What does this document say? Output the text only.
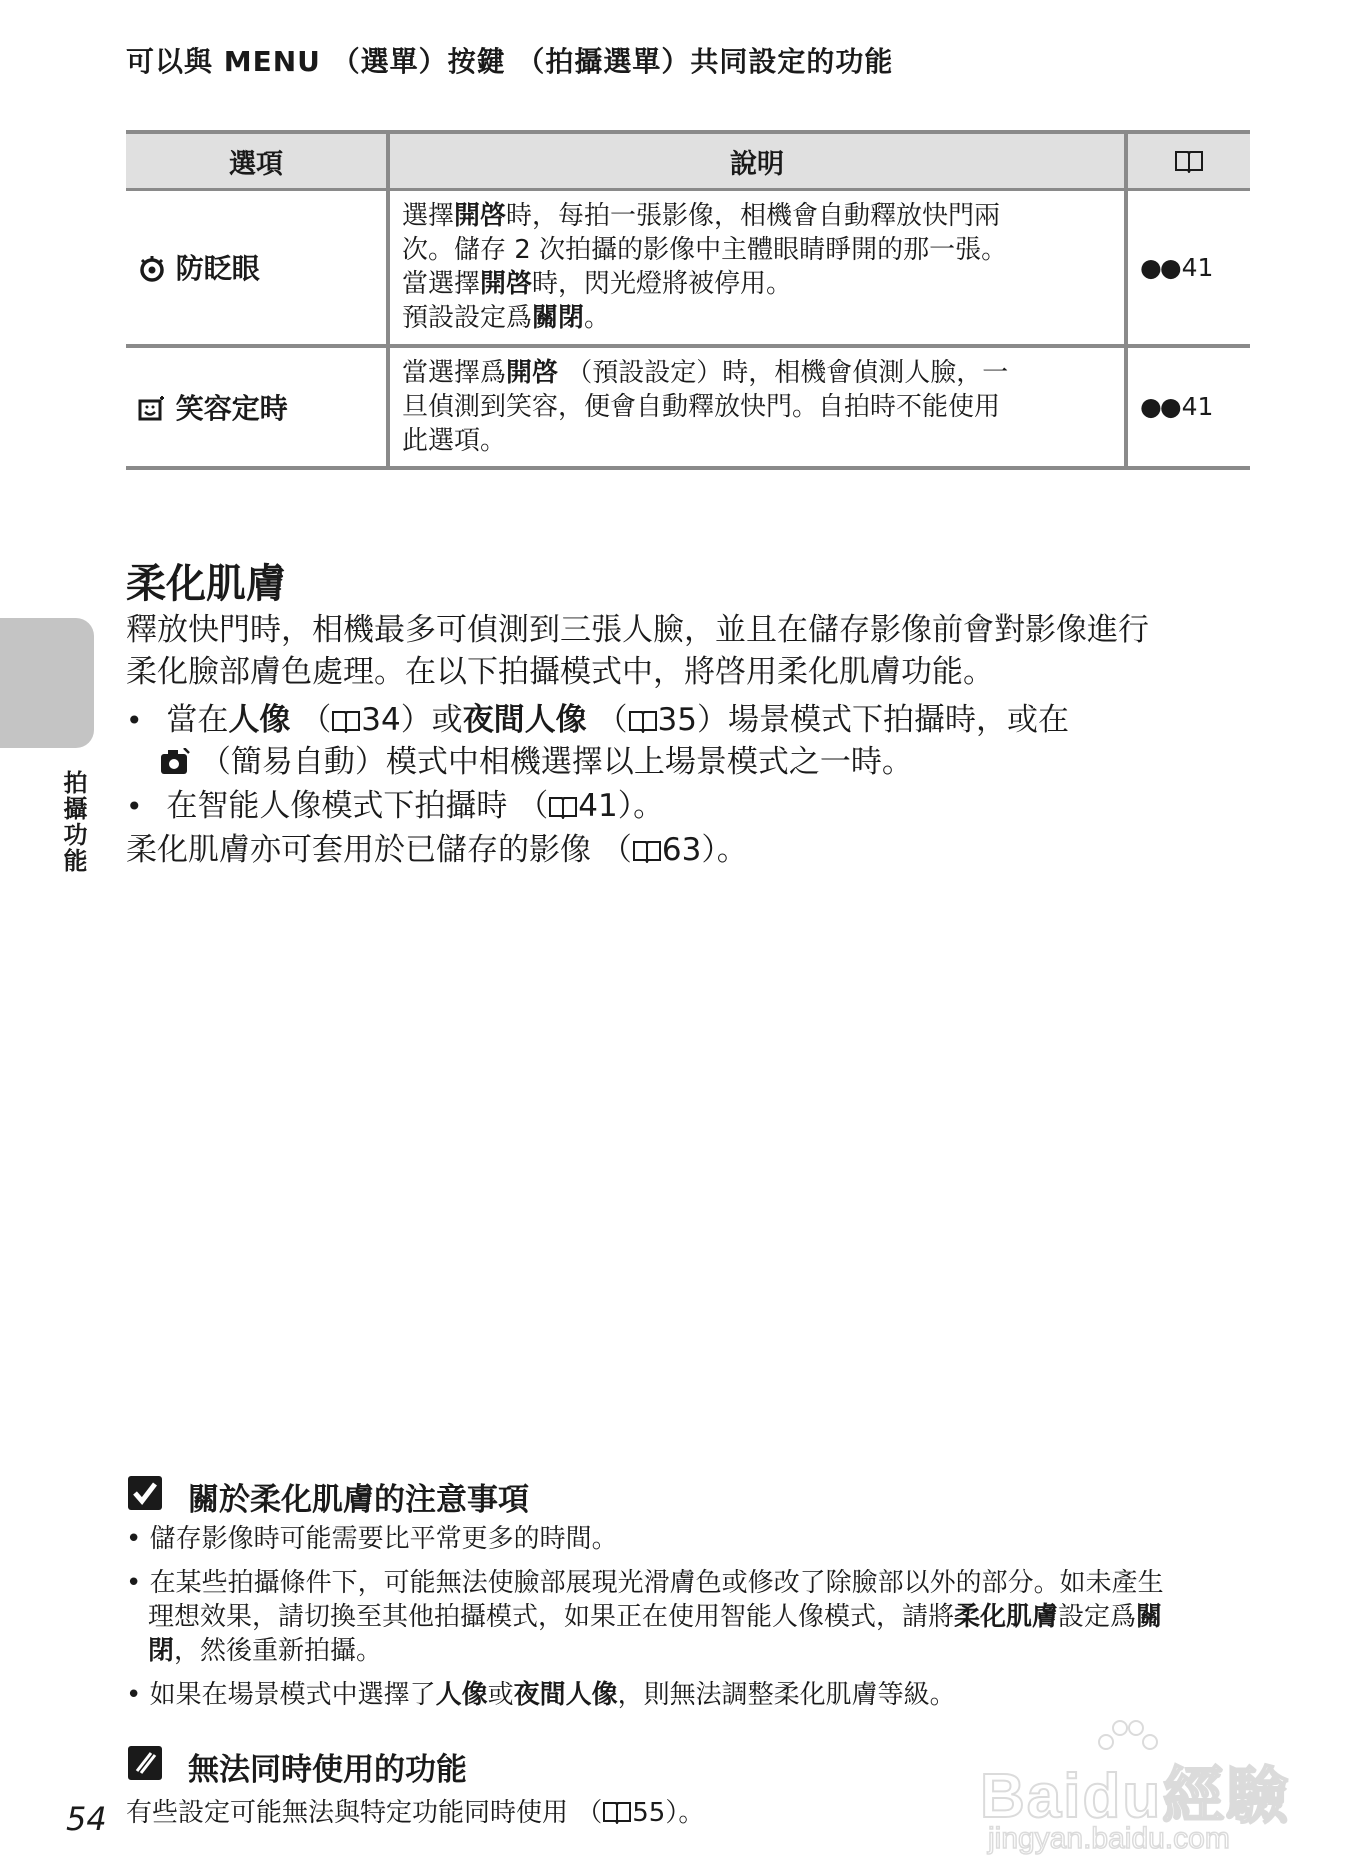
可以與 MENU （選單）按鍵 （拍攝選單）共同設定的功能
選項	說明	
防眨眼	選擇開啓時，每拍一張影像，相機會自動釋放快門兩
次。儲存 2 次拍攝的影像中主體眼睛睜開的那一張。
當選擇開啓時，閃光燈將被停用。
預設設定爲關閉。	●●41
笑容定時	當選擇爲開啓 （預設設定）時，相機會偵測人臉，一
旦偵測到笑容，便會自動釋放快門。自拍時不能使用
此選項。	●●41
柔化肌膚
釋放快門時，相機最多可偵測到三張人臉，並且在儲存影像前會對影像進行
柔化臉部膚色處理。在以下拍攝模式中，將啓用柔化肌膚功能。
• 當在人像 （ 34）或夜間人像 （ 35）場景模式下拍攝時，或在
（簡易自動）模式中相機選擇以上場景模式之一時。
• 在智能人像模式下拍攝時 （ 41）。
柔化肌膚亦可套用於已儲存的影像 （ 63）。
拍攝功能
關於柔化肌膚的注意事項
• 儲存影像時可能需要比平常更多的時間。
• 在某些拍攝條件下，可能無法使臉部展現光滑膚色或修改了除臉部以外的部分。如未產生
理想效果，請切換至其他拍攝模式，如果正在使用智能人像模式，請將柔化肌膚設定爲關
閉，然後重新拍攝。
• 如果在場景模式中選擇了人像或夜間人像，則無法調整柔化肌膚等級。
無法同時使用的功能
有些設定可能無法與特定功能同時使用 （ 55）。
54	Baidu經驗
jingyan.baidu.com
